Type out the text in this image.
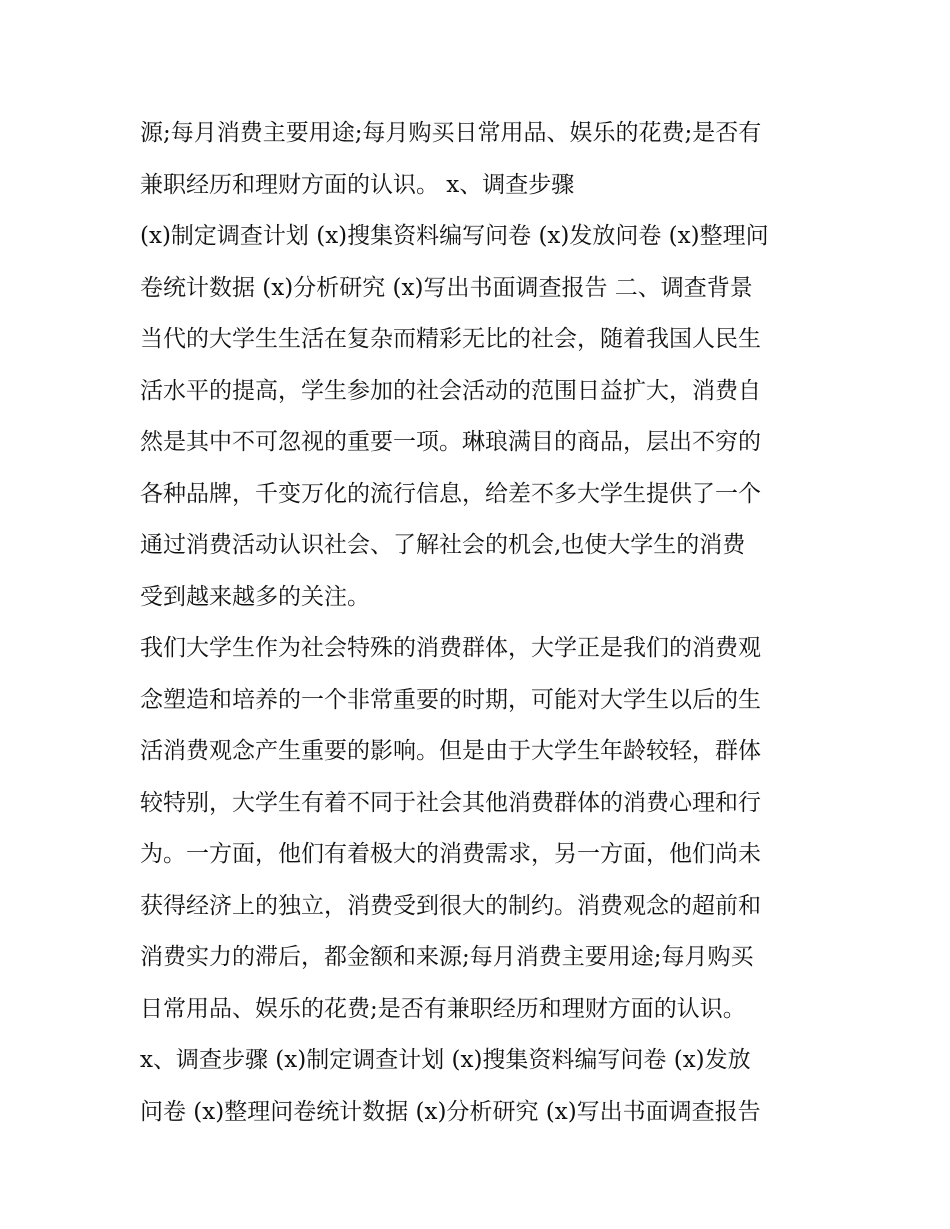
源;每月消费主要用途;每月购买日常用品、娱乐的花费;是否有
兼职经历和理财方面的认识。 x、调查步骤
(x)制定调查计划 (x)搜集资料编写问卷 (x)发放问卷 (x)整理问
卷统计数据 (x)分析研究 (x)写出书面调查报告 二、调查背景
当代的大学生生活在复杂而精彩无比的社会，随着我国人民生
活水平的提高，学生参加的社会活动的范围日益扩大，消费自
然是其中不可忽视的重要一项。琳琅满目的商品，层出不穷的
各种品牌，千变万化的流行信息，给差不多大学生提供了一个
通过消费活动认识社会、了解社会的机会,也使大学生的消费
受到越来越多的关注。
我们大学生作为社会特殊的消费群体，大学正是我们的消费观
念塑造和培养的一个非常重要的时期，可能对大学生以后的生
活消费观念产生重要的影响。但是由于大学生年龄较轻，群体
较特别，大学生有着不同于社会其他消费群体的消费心理和行
为。一方面，他们有着极大的消费需求，另一方面，他们尚未
获得经济上的独立，消费受到很大的制约。消费观念的超前和
消费实力的滞后，都金额和来源;每月消费主要用途;每月购买
日常用品、娱乐的花费;是否有兼职经历和理财方面的认识。
x、调查步骤 (x)制定调查计划 (x)搜集资料编写问卷 (x)发放
问卷 (x)整理问卷统计数据 (x)分析研究 (x)写出书面调查报告
